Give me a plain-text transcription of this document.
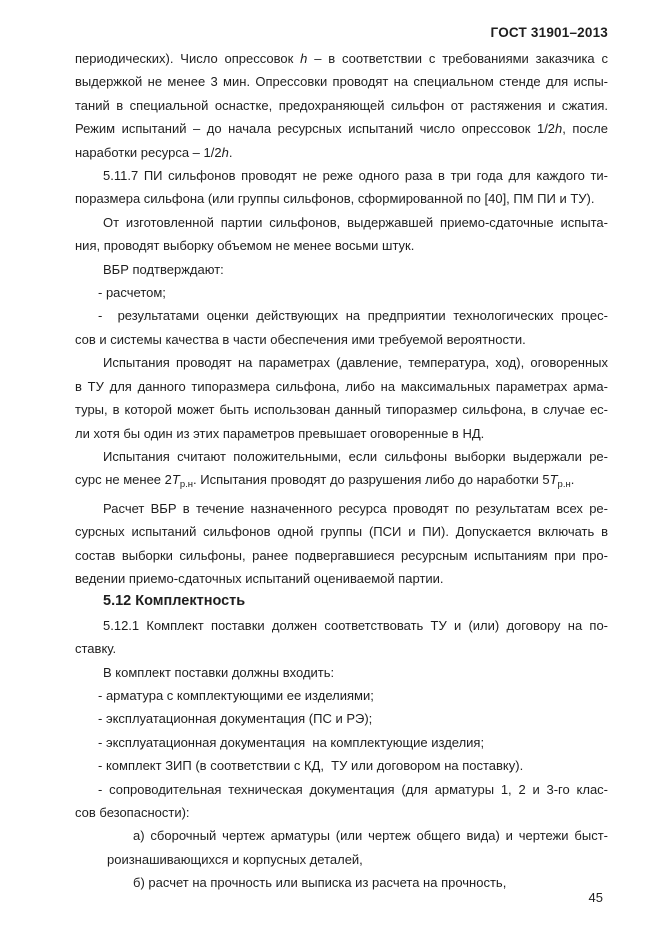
ГОСТ 31901–2013
периодических). Число опрессовок h – в соответствии с требованиями заказчика с
выдержкой не менее 3 мин. Опрессовки проводят на специальном стенде для испы-
таний в специальной оснастке, предохраняющей сильфон от растяжения и сжатия.
Режим испытаний – до начала ресурсных испытаний число опрессовок 1/2h, после
наработки ресурса – 1/2h.
5.11.7 ПИ сильфонов проводят не реже одного раза в три года для каждого ти-
поразмера сильфона (или группы сильфонов, сформированной по [40], ПМ ПИ и ТУ).
От изготовленной партии сильфонов, выдержавшей приемо-сдаточные испыта-
ния, проводят выборку объемом не менее восьми штук.
ВБР подтверждают:
- расчетом;
-  результатами оценки действующих на предприятии технологических процес-
сов и системы качества в части обеспечения ими требуемой вероятности.
Испытания проводят на параметрах (давление, температура, ход), оговоренных
в ТУ для данного типоразмера сильфона, либо на максимальных параметрах арма-
туры, в которой может быть использован данный типоразмер сильфона, в случае ес-
ли хотя бы один из этих параметров превышает оговоренные в НД.
Испытания считают положительными, если сильфоны выборки выдержали ре-
сурс не менее $2Т_{р.н}$. Испытания проводят до разрушения либо до наработки $5Т_{р.н}$.
Расчет ВБР в течение назначенного ресурса проводят по результатам всех ре-
сурсных испытаний сильфонов одной группы (ПСИ и ПИ). Допускается включать в
состав выборки сильфоны, ранее подвергавшиеся ресурсным испытаниям при про-
ведении приемо-сдаточных испытаний оцениваемой партии.
5.12 Комплектность
5.12.1 Комплект поставки должен соответствовать ТУ и (или) договору на по-
ставку.
В комплект поставки должны входить:
- арматура с комплектующими ее изделиями;
- эксплуатационная документация (ПС и РЭ);
- эксплуатационная документация  на комплектующие изделия;
- комплект ЗИП (в соответствии с КД,  ТУ или договором на поставку).
- сопроводительная техническая документация (для арматуры 1, 2 и 3-го клас-
сов безопасности):
а) сборочный чертеж арматуры (или чертеж общего вида) и чертежи быст-
роизнашивающихся и корпусных деталей,
б) расчет на прочность или выписка из расчета на прочность,
45
